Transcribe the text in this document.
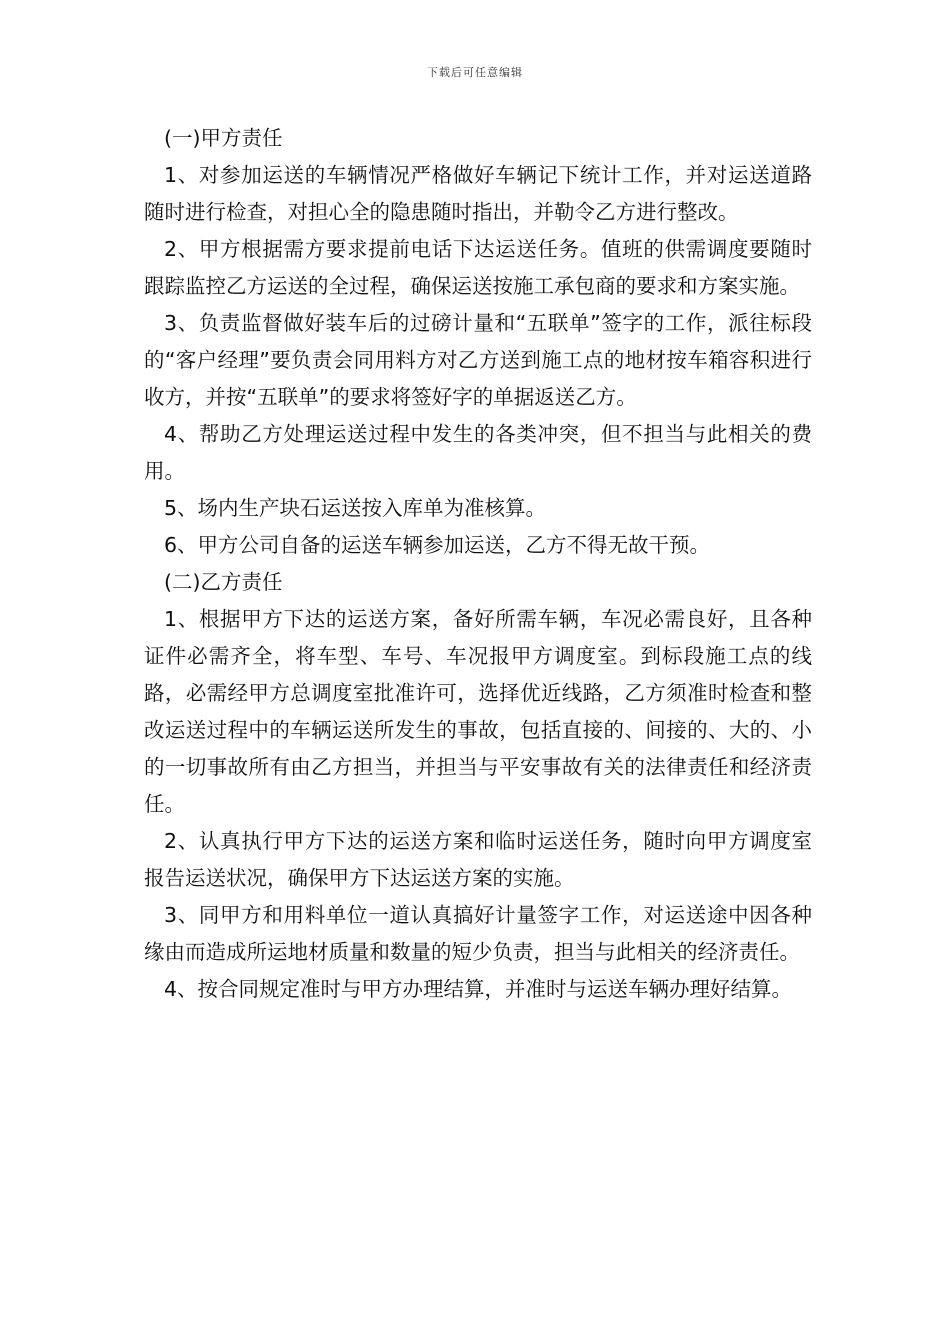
下载后可任意编辑

(一)甲方责任

1、对参加运送的车辆情况严格做好车辆记下统计工作，并对运送道路随时进行检查，对担心全的隐患随时指出，并勒令乙方进行整改。

2、甲方根据需方要求提前电话下达运送任务。值班的供需调度要随时跟踪监控乙方运送的全过程，确保运送按施工承包商的要求和方案实施。

3、负责监督做好装车后的过磅计量和“五联单”签字的工作，派往标段的“客户经理”要负责会同用料方对乙方送到施工点的地材按车箱容积进行收方，并按“五联单”的要求将签好字的单据返送乙方。

4、帮助乙方处理运送过程中发生的各类冲突，但不担当与此相关的费用。

5、场内生产块石运送按入库单为准核算。

6、甲方公司自备的运送车辆参加运送，乙方不得无故干预。

(二)乙方责任

1、根据甲方下达的运送方案，备好所需车辆，车况必需良好，且各种证件必需齐全，将车型、车号、车况报甲方调度室。到标段施工点的线路，必需经甲方总调度室批准许可，选择优近线路，乙方须准时检查和整改运送过程中的车辆运送所发生的事故，包括直接的、间接的、大的、小的一切事故所有由乙方担当，并担当与平安事故有关的法律责任和经济责任。

2、认真执行甲方下达的运送方案和临时运送任务，随时向甲方调度室报告运送状况，确保甲方下达运送方案的实施。

3、同甲方和用料单位一道认真搞好计量签字工作，对运送途中因各种缘由而造成所运地材质量和数量的短少负责，担当与此相关的经济责任。

4、按合同规定准时与甲方办理结算，并准时与运送车辆办理好结算。
